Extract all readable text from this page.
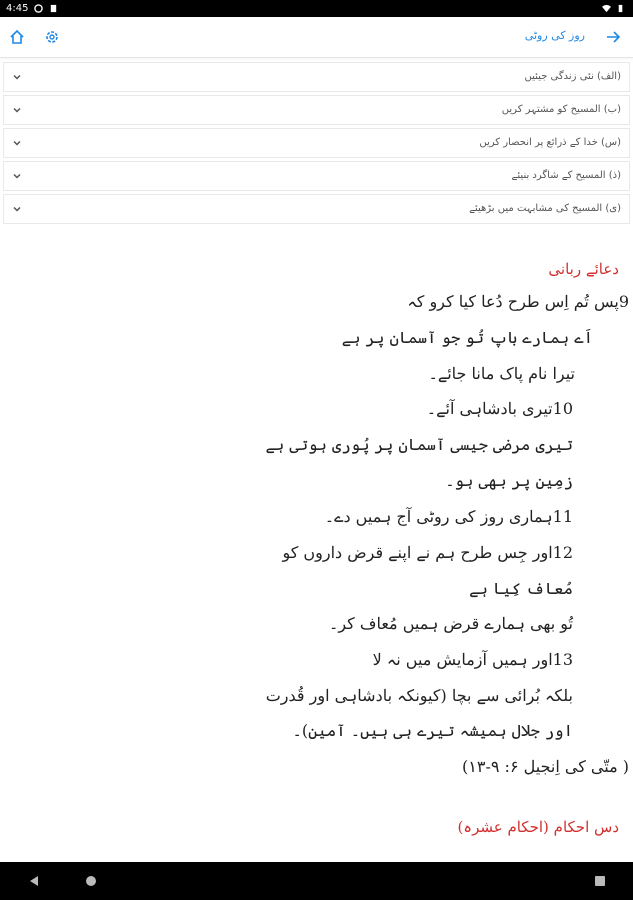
4:45
روز کی روٹی
(الف) نئی زندگی جیئیں
(ب) المسیح کو مشتہر کریں
(س) خدا کے ذرائع پر انحصار کریں
(ذ) المسیح کے شاگرد بنیئے
(ی) المسیح کی مشابہت میں بڑھیئے
دعائے ربانی
9پس تُم اِس طرح دُعا کیا کرو کہ
اَے ہمارے باپ تُو جو آسمان پر ہے
تیرا نام پاک مانا جائے۔
10تیری بادشاہی آئے۔
تیری مرضی جیسی آسمان پر پُوری ہوتی ہے
زمِین پر بھی ہو۔
11ہماری روز کی روٹی آج ہمیں دے۔
12اور جِس طرح ہم نے اپنے قرض داروں کو
مُعاف کِیا ہے
تُو بھی ہمارے قرض ہمیں مُعاف کر۔
13اور ہمیں آزمایش میں نہ لا
بلکہ بُرائی سے بچا (کیونکہ بادشاہی اور قُدرت
اور جلال ہمیشہ تیرے ہی ہیں۔ آمین)۔
( متّی کی اِنجیل ۶: ۹-۱۳)
دس احکام (احکام عشرہ)
